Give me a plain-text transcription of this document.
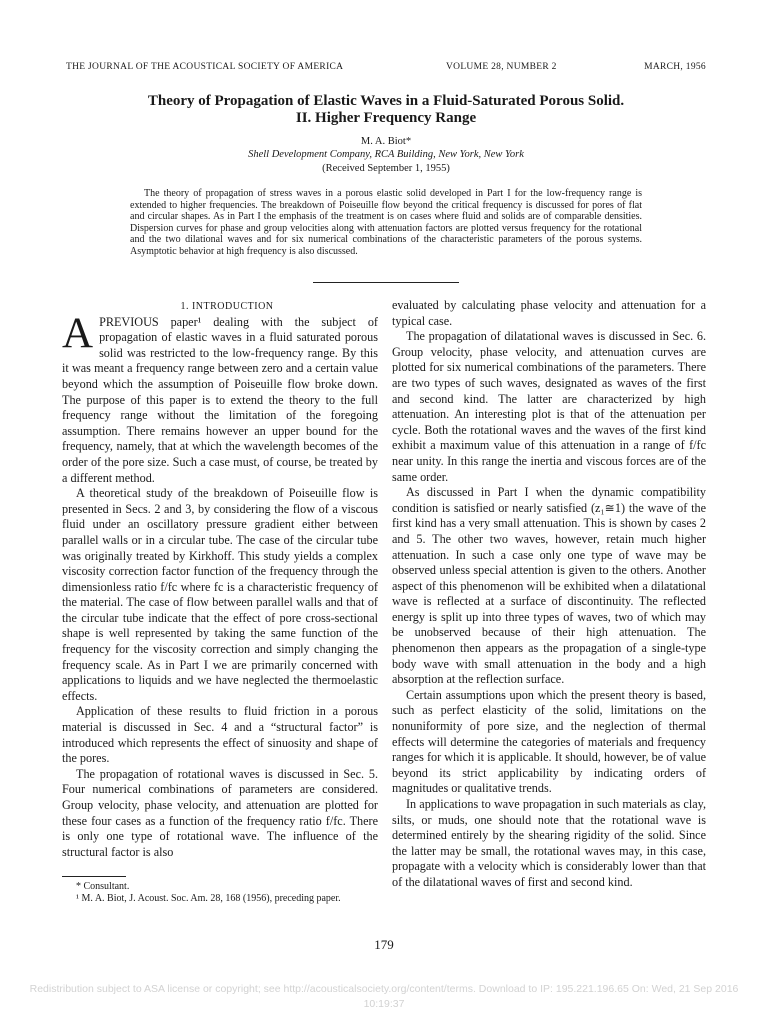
THE JOURNAL OF THE ACOUSTICAL SOCIETY OF AMERICA	VOLUME 28, NUMBER 2	MARCH, 1956
Theory of Propagation of Elastic Waves in a Fluid-Saturated Porous Solid.
II. Higher Frequency Range
M. A. Biot*
Shell Development Company, RCA Building, New York, New York
(Received September 1, 1955)

The theory of propagation of stress waves in a porous elastic solid developed in Part I for the low-frequency range is extended to higher frequencies. The breakdown of Poiseuille flow beyond the critical frequency is discussed for pores of flat and circular shapes. As in Part I the emphasis of the treatment is on cases where fluid and solids are of comparable densities. Dispersion curves for phase and group velocities along with attenuation factors are plotted versus frequency for the rotational and the two dilational waves and for six numerical combinations of the characteristic parameters of the porous systems. Asymptotic behavior at high frequency is also discussed.

1. INTRODUCTION

APREVIOUS paper¹ dealing with the subject of propagation of elastic waves in a fluid saturated porous solid was restricted to the low-frequency range. By this it was meant a frequency range between zero and a certain value beyond which the assumption of Poiseuille flow broke down. The purpose of this paper is to extend the theory to the full frequency range without the limitation of the foregoing assumption. There remains however an upper bound for the frequency, namely, that at which the wavelength becomes of the order of the pore size. Such a case must, of course, be treated by a different method.

A theoretical study of the breakdown of Poiseuille flow is presented in Secs. 2 and 3, by considering the flow of a viscous fluid under an oscillatory pressure gradient either between parallel walls or in a circular tube. The case of the circular tube was originally treated by Kirkhoff. This study yields a complex viscosity correction factor function of the frequency through the dimensionless ratio f/fc where fc is a characteristic frequency of the material. The case of flow between parallel walls and that of the circular tube indicate that the effect of pore cross-sectional shape is well represented by taking the same function of the frequency for the viscosity correction and simply changing the frequency scale. As in Part I we are primarily concerned with applications to liquids and we have neglected the thermoelastic effects.

Application of these results to fluid friction in a porous material is discussed in Sec. 4 and a “structural factor” is introduced which represents the effect of sinuosity and shape of the pores.

The propagation of rotational waves is discussed in Sec. 5. Four numerical combinations of parameters are considered. Group velocity, phase velocity, and attenuation are plotted for these four cases as a function of the frequency ratio f/fc. There is only one type of rotational wave. The influence of the structural factor is also

* Consultant.
¹ M. A. Biot, J. Acoust. Soc. Am. 28, 168 (1956), preceding paper.

evaluated by calculating phase velocity and attenuation for a typical case.

The propagation of dilatational waves is discussed in Sec. 6. Group velocity, phase velocity, and attenuation curves are plotted for six numerical combinations of the parameters. There are two types of such waves, designated as waves of the first and second kind. The latter are characterized by high attenuation. An interesting plot is that of the attenuation per cycle. Both the rotational waves and the waves of the first kind exhibit a maximum value of this attenuation in a range of f/fc near unity. In this range the inertia and viscous forces are of the same order.

As discussed in Part I when the dynamic compatibility condition is satisfied or nearly satisfied (z₁≅1) the wave of the first kind has a very small attenuation. This is shown by cases 2 and 5. The other two waves, however, retain much higher attenuation. In such a case only one type of wave may be observed unless special attention is given to the others. Another aspect of this phenomenon will be exhibited when a dilatational wave is reflected at a surface of discontinuity. The reflected energy is split up into three types of waves, two of which may be unobserved because of their high attenuation. The phenomenon then appears as the propagation of a single-type body wave with small attenuation in the body and a high absorption at the reflection surface.

Certain assumptions upon which the present theory is based, such as perfect elasticity of the solid, limitations on the nonuniformity of pore size, and the neglection of thermal effects will determine the categories of materials and frequency ranges for which it is applicable. It should, however, be of value beyond its strict applicability by indicating orders of magnitudes or qualitative trends.

In applications to wave propagation in such materials as clay, silts, or muds, one should note that the rotational wave is determined entirely by the shearing rigidity of the solid. Since the latter may be small, the rotational waves may, in this case, propagate with a velocity which is considerably lower than that of the dilatational waves of first and second kind.

179
Redistribution subject to ASA license or copyright; see http://acousticalsociety.org/content/terms. Download to IP: 195.221.196.65 On: Wed, 21 Sep 2016 10:19:37
